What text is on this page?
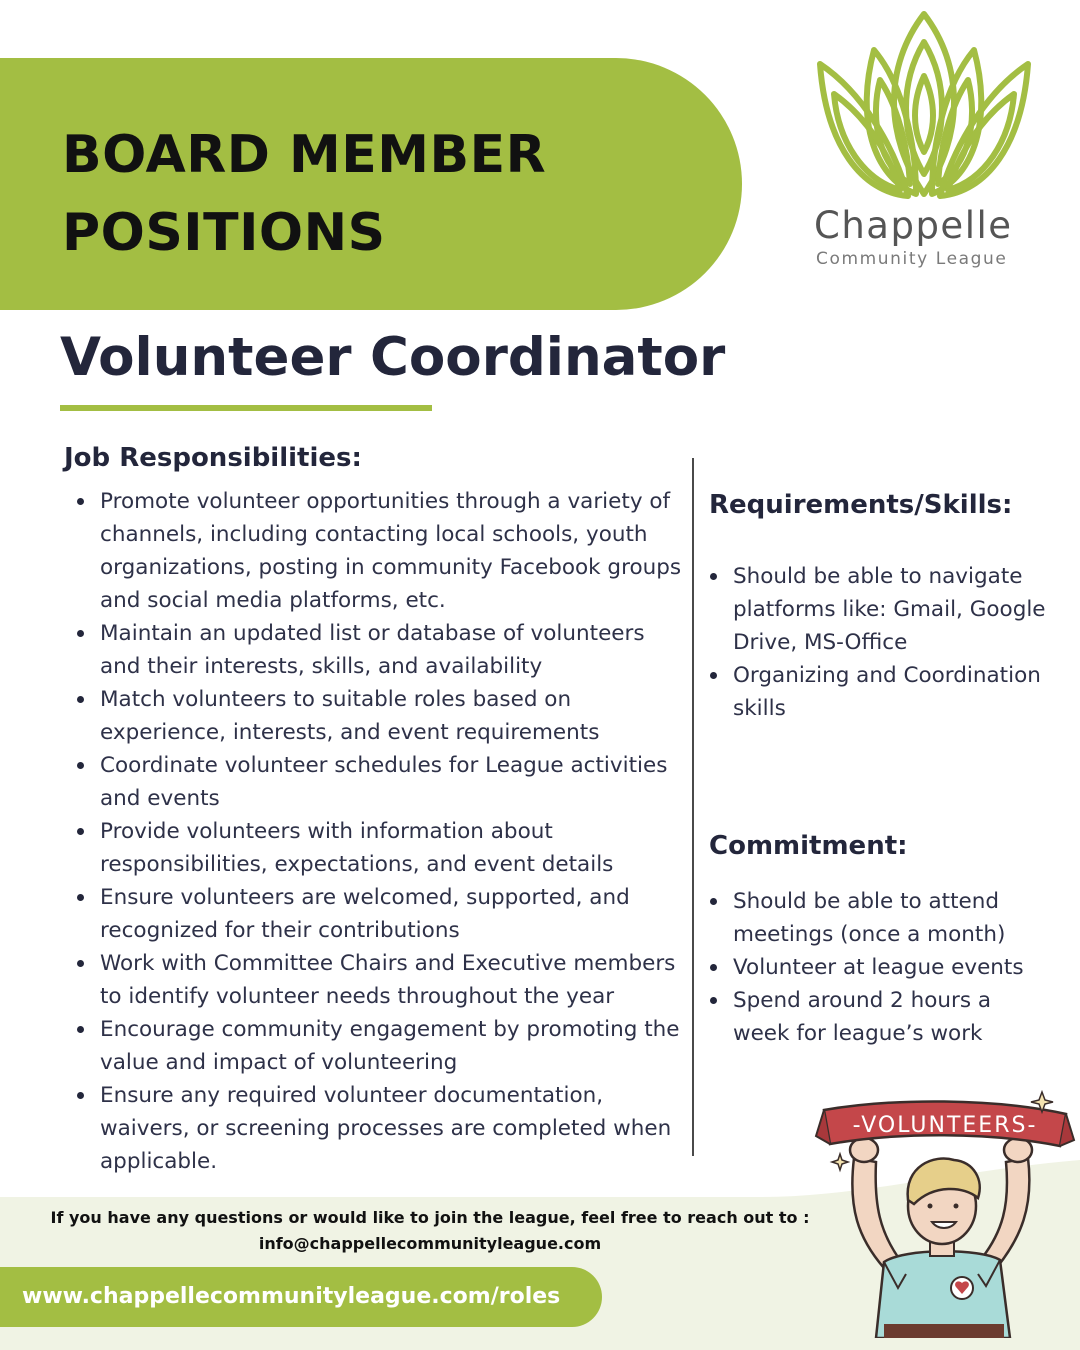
BOARD MEMBER POSITIONS	Chappelle
Community League
Volunteer Coordinator
Job Responsibilities:
Promote volunteer opportunities through a variety of channels, including contacting local schools, youth organizations, posting in community Facebook groups and social media platforms, etc.
Maintain an updated list or database of volunteers and their interests, skills, and availability
Match volunteers to suitable roles based on experience, interests, and event requirements
Coordinate volunteer schedules for League activities and events
Provide volunteers with information about responsibilities, expectations, and event details
Ensure volunteers are welcomed, supported, and recognized for their contributions
Work with Committee Chairs and Executive members to identify volunteer needs throughout the year
Encourage community engagement by promoting the value and impact of volunteering
Ensure any required volunteer documentation, waivers, or screening processes are completed when applicable.
Requirements/Skills:
Should be able to navigate platforms like: Gmail, Google Drive, MS-Office
Organizing and Coordination skills
Commitment:
Should be able to attend meetings (once a month)
Volunteer at league events
Spend around 2 hours a week for league’s work
If you have any questions or would like to join the league, feel free to reach out to :
info@chappellecommunityleague.com
www.chappellecommunityleague.com/roles
-VOLUNTEERS-
